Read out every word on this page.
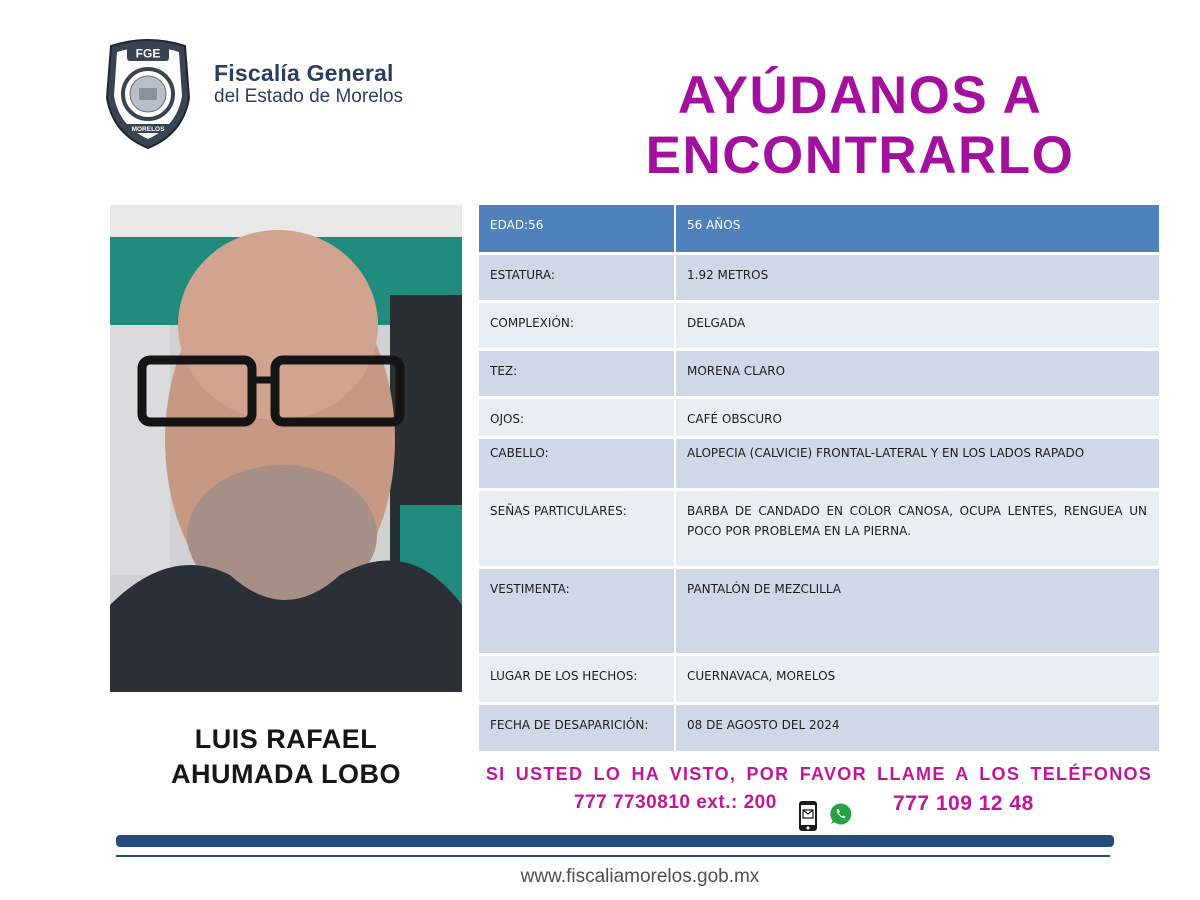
FGE
MORELOS
Fiscalía General
del Estado de Morelos	AYÚDANOS A
ENCONTRARLO
LUIS RAFAEL
AHUMADA LOBO
EDAD:56	56 AÑOS
ESTATURA:	1.92 METROS
COMPLEXIÓN:	DELGADA
TEZ:	MORENA CLARO
OJOS:	CAFÉ OBSCURO
CABELLO:	ALOPECIA (CALVICIE) FRONTAL-LATERAL Y EN LOS LADOS RAPADO
SEÑAS PARTICULARES:	BARBA DE CANDADO EN COLOR CANOSA, OCUPA LENTES, RENGUEA UN POCO POR PROBLEMA EN LA PIERNA.
VESTIMENTA:	PANTALÓN DE MEZCLILLA
LUGAR DE LOS HECHOS:	CUERNAVACA, MORELOS
FECHA DE DESAPARICIÓN:	08 DE AGOSTO DEL 2024
SI USTED LO HA VISTO, POR FAVOR LLAME A LOS TELÉFONOS
777 7730810 ext.: 200	777 109 12 48
www.fiscaliamorelos.gob.mx
